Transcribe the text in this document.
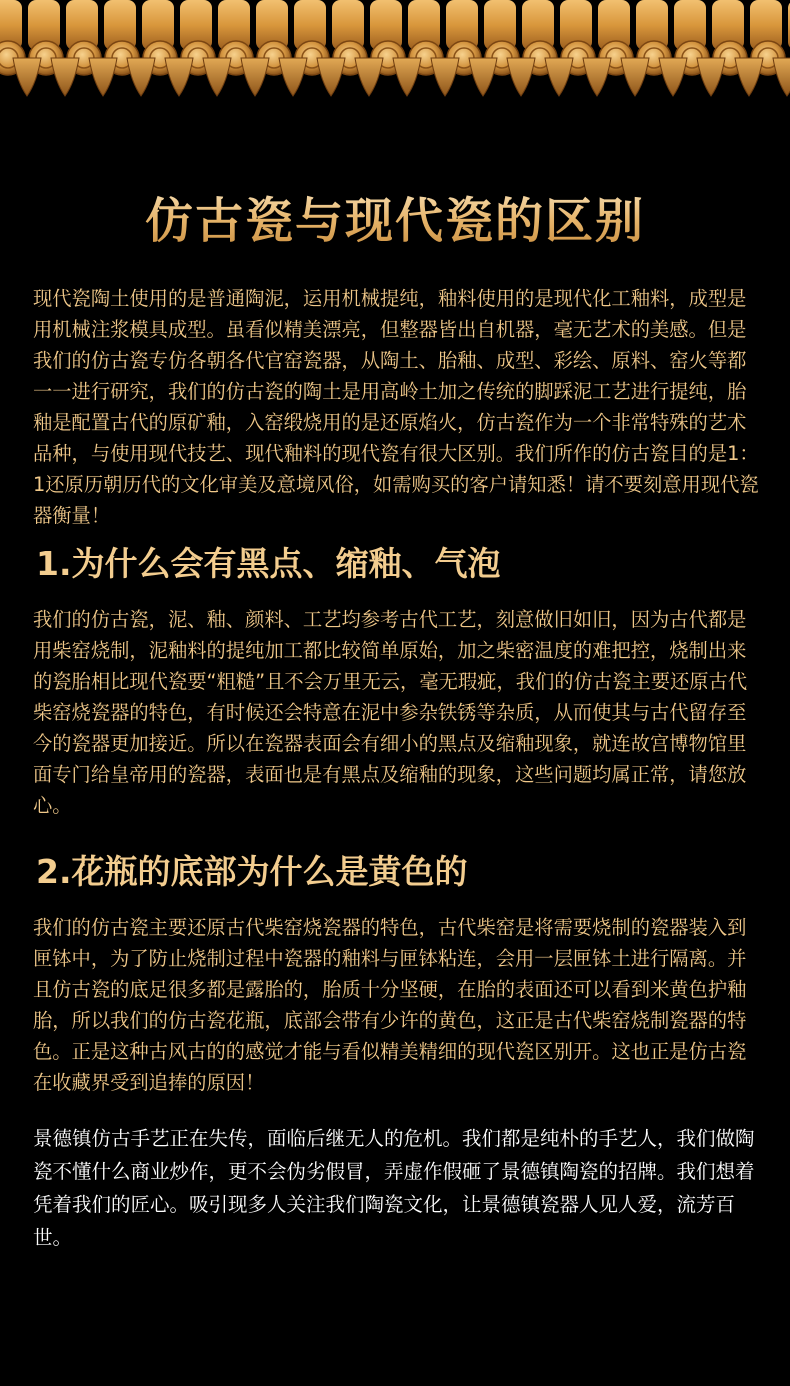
仿古瓷与现代瓷的区别

现代瓷陶土使用的是普通陶泥，运用机械提纯，釉料使用的是现代化工釉料，成型是用机械注浆模具成型。虽看似精美漂亮，但整器皆出自机器，毫无艺术的美感。但是我们的仿古瓷专仿各朝各代官窑瓷器，从陶土、胎釉、成型、彩绘、原料、窑火等都一一进行研究，我们的仿古瓷的陶土是用高岭土加之传统的脚踩泥工艺进行提纯，胎釉是配置古代的原矿釉，入窑缎烧用的是还原焰火，仿古瓷作为一个非常特殊的艺术品种，与使用现代技艺、现代釉料的现代瓷有很大区别。我们所作的仿古瓷目的是1：1还原历朝历代的文化审美及意境风俗，如需购买的客户请知悉！请不要刻意用现代瓷器衡量！

1.为什么会有黑点、缩釉、气泡

我们的仿古瓷，泥、釉、颜料、工艺均参考古代工艺，刻意做旧如旧，因为古代都是用柴窑烧制，泥釉料的提纯加工都比较简单原始，加之柴密温度的难把控，烧制出来的瓷胎相比现代瓷要“粗糙”且不会万里无云，毫无瑕疵，我们的仿古瓷主要还原古代柴窑烧瓷器的特色，有时候还会特意在泥中参杂铁锈等杂质，从而使其与古代留存至今的瓷器更加接近。所以在瓷器表面会有细小的黑点及缩釉现象，就连故宫博物馆里面专门给皇帝用的瓷器，表面也是有黑点及缩釉的现象，这些问题均属正常，请您放心。

2.花瓶的底部为什么是黄色的

我们的仿古瓷主要还原古代柴窑烧瓷器的特色，古代柴窑是将需要烧制的瓷器装入到匣钵中，为了防止烧制过程中瓷器的釉料与匣钵粘连，会用一层匣钵土进行隔离。并且仿古瓷的底足很多都是露胎的，胎质十分坚硬，在胎的表面还可以看到米黄色护釉胎，所以我们的仿古瓷花瓶，底部会带有少许的黄色，这正是古代柴窑烧制瓷器的特色。正是这种古风古的的感觉才能与看似精美精细的现代瓷区别开。这也正是仿古瓷在收藏界受到追捧的原因！

景德镇仿古手艺正在失传，面临后继无人的危机。我们都是纯朴的手艺人，我们做陶瓷不懂什么商业炒作，更不会伪劣假冒，弄虚作假砸了景德镇陶瓷的招牌。我们想着凭着我们的匠心。吸引现多人关注我们陶瓷文化，让景德镇瓷器人见人爱，流芳百世。
